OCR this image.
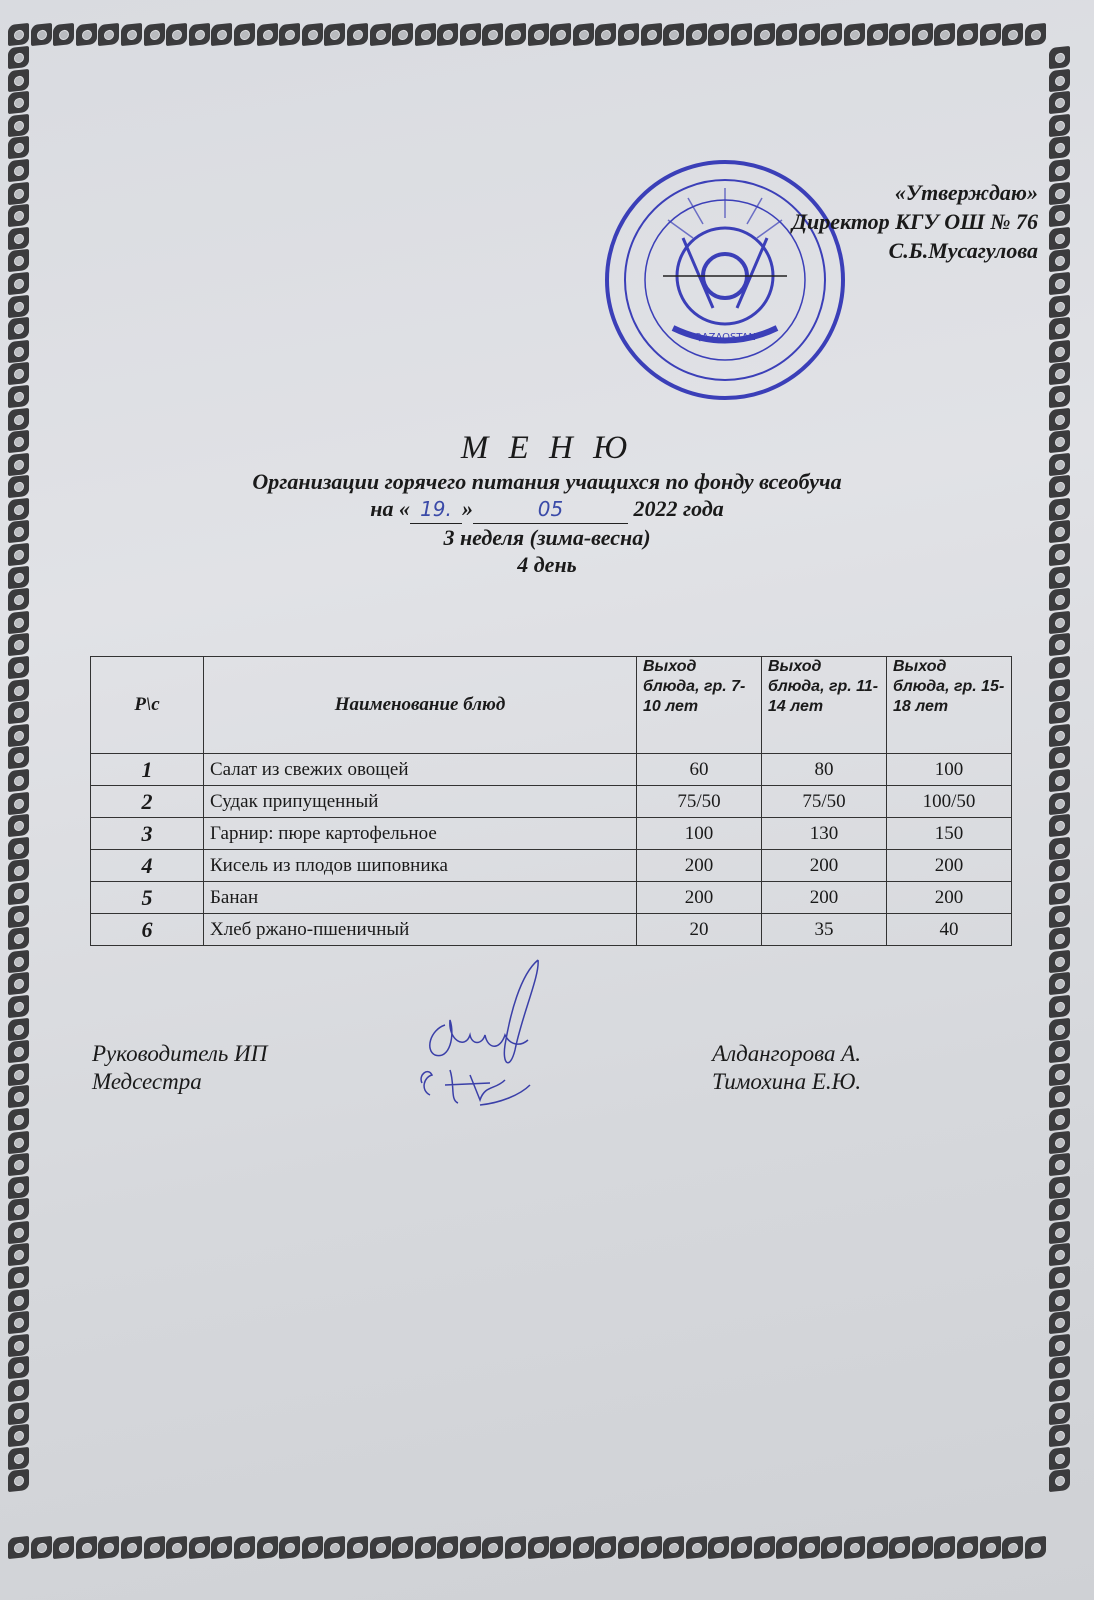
QAZAQSTAN
«Утверждаю»
Директор КГУ ОШ № 76
С.Б.Мусагулова
М Е Н Ю
Организации горячего питания учащихся по фонду всеобуча
на « 19. »	05	2022 года
3 неделя (зима-весна)
4 день
Р\с	Наименование блюд	Выход блюда, гр. 7-10 лет	Выход блюда, гр. 11-14 лет	Выход блюда, гр. 15-18 лет
1	Салат из свежих овощей	60	80	100
2	Судак припущенный	75/50	75/50	100/50
3	Гарнир: пюре картофельное	100	130	150
4	Кисель из плодов шиповника	200	200	200
5	Банан	200	200	200
6	Хлеб ржано-пшеничный	20	35	40
Руководитель ИП
Медсестра
Алдангорова А.
Тимохина Е.Ю.
